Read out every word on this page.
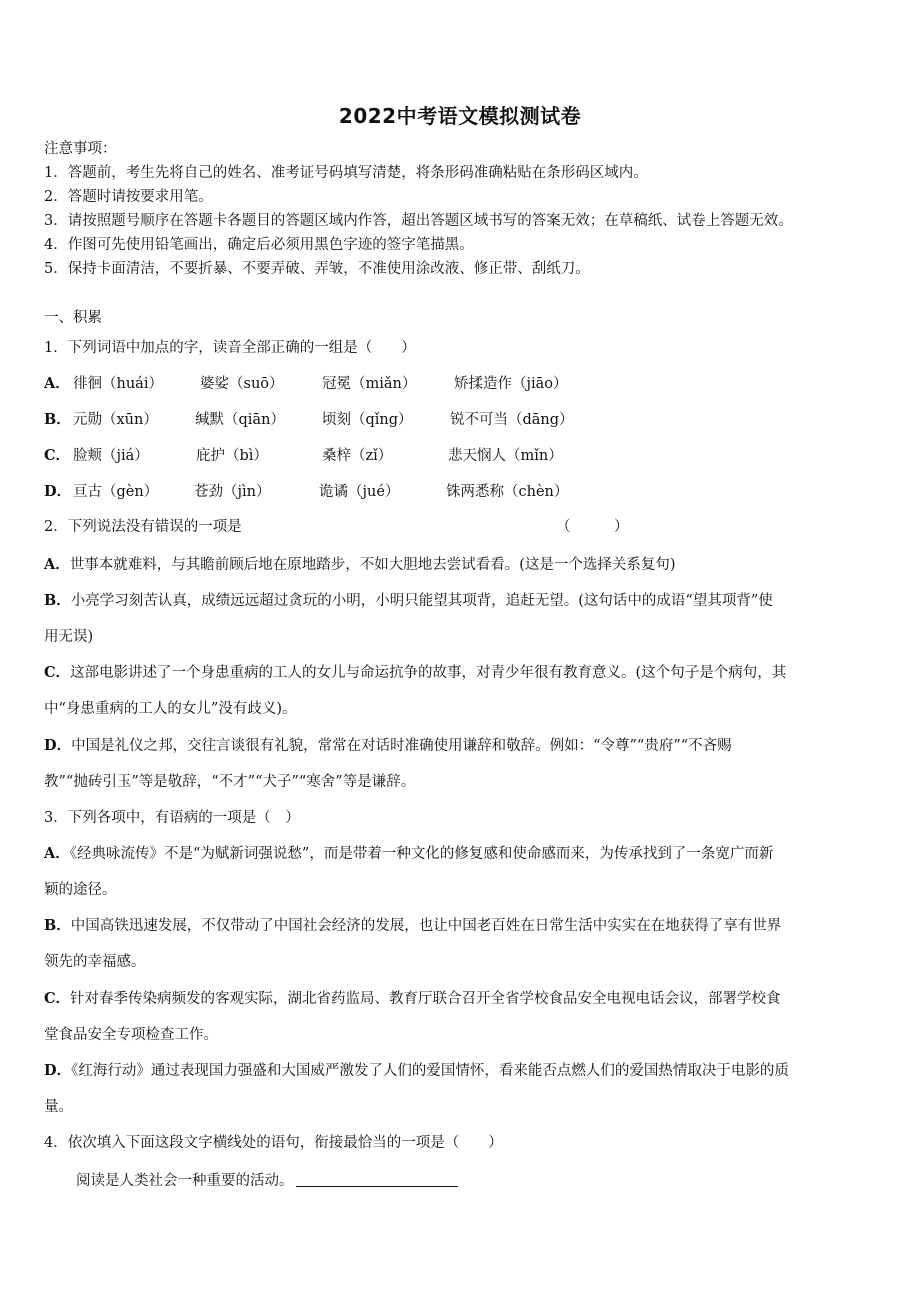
2022中考语文模拟测试卷
注意事项：
1．答题前，考生先将自己的姓名、准考证号码填写清楚，将条形码准确粘贴在条形码区域内。
2．答题时请按要求用笔。
3．请按照题号顺序在答题卡各题目的答题区域内作答，超出答题区域书写的答案无效；在草稿纸、试卷上答题无效。
4．作图可先使用铅笔画出，确定后必须用黑色字迹的签字笔描黑。
5．保持卡面清洁，不要折暴、不要弄破、弄皱，不准使用涂改液、修正带、刮纸刀。
一、积累
1．下列词语中加点的字，读音全部正确的一组是（　　）
A． 徘徊（huái）	婆娑（suō）	冠冕（miǎn）	矫揉造作（jiāo）
B． 元勋（xūn）	缄默（qiān）	顷刻（qǐng）	锐不可当（dāng）
C． 脸颊（jiá）	庇护（bì）	桑梓（zǐ）	悲天悯人（mǐn）
D． 亘古（gèn） 苍劲（jìn）	诡谲（jué）	铢两悉称（chèn）
2．下列说法没有错误的一项是	（　　　）
A．世事本就难料，与其瞻前顾后地在原地踏步，不如大胆地去尝试看看。(这是一个选择关系复句)
B．小亮学习刻苦认真，成绩远远超过贪玩的小明，小明只能望其项背，追赶无望。(这句话中的成语“望其项背”使
用无误)
C．这部电影讲述了一个身患重病的工人的女儿与命运抗争的故事，对青少年很有教育意义。(这个句子是个病句，其
中“身患重病的工人的女儿”没有歧义)。
D．中国是礼仪之邦，交往言谈很有礼貌，常常在对话时准确使用谦辞和敬辞。例如：“令尊”“贵府”“不吝赐
教”“抛砖引玉”等是敬辞，“不才”“犬子”“寒舍”等是谦辞。
3．下列各项中，有语病的一项是（　）
A．《经典咏流传》不是“为赋新词强说愁”，而是带着一种文化的修复感和使命感而来，为传承找到了一条宽广而新
颖的途径。
B．中国高铁迅速发展，不仅带动了中国社会经济的发展，也让中国老百姓在日常生活中实实在在地获得了享有世界
领先的幸福感。
C．针对春季传染病频发的客观实际，湖北省药监局、教育厅联合召开全省学校食品安全电视电话会议，部署学校食
堂食品安全专项检查工作。
D．《红海行动》通过表现国力强盛和大国威严激发了人们的爱国情怀，看来能否点燃人们的爱国热情取决于电影的质
量。
4．依次填入下面这段文字横线处的语句，衔接最恰当的一项是（　　）
阅读是人类社会一种重要的活动。
